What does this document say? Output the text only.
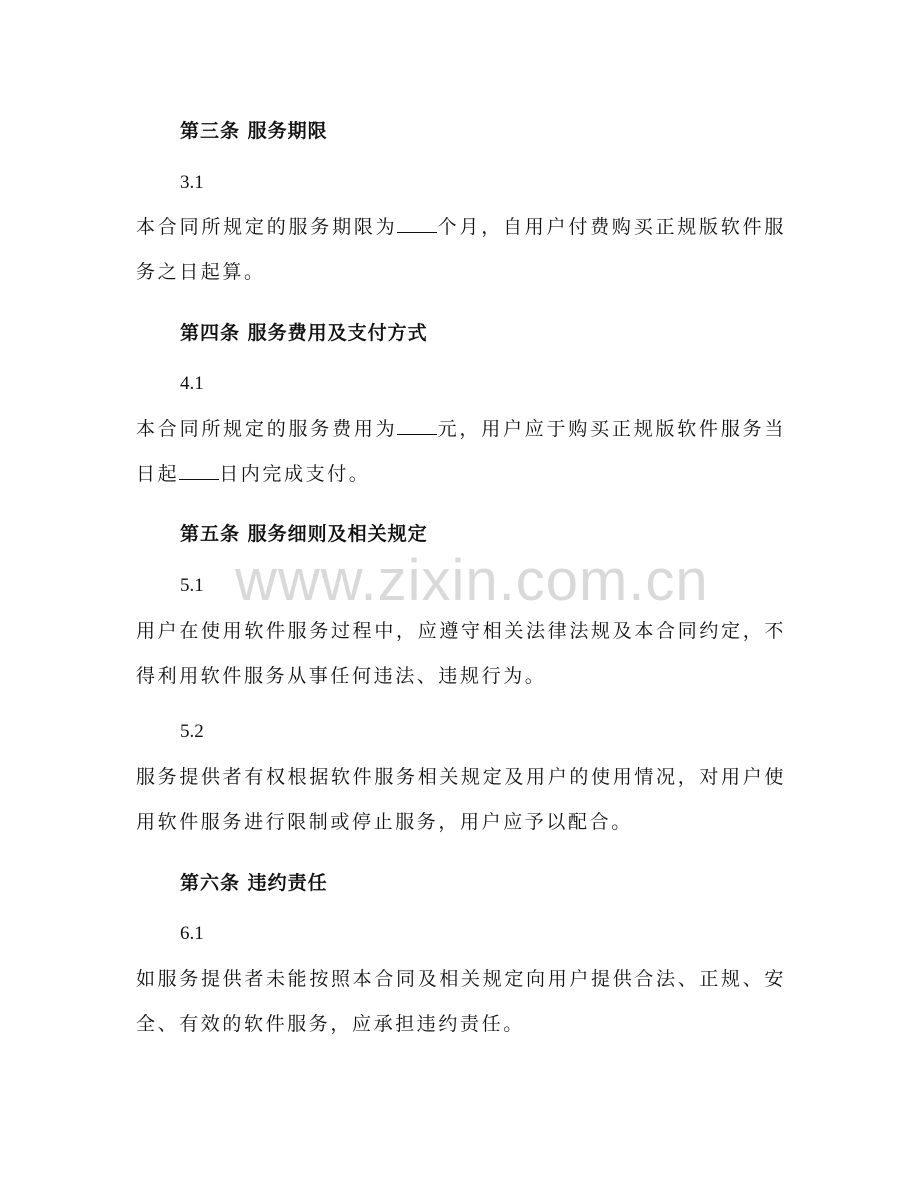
www.zixin.com.cn
第三条 服务期限
3.1
本合同所规定的服务期限为 个月，自用户付费购买正规版软件服务之日起算。
第四条 服务费用及支付方式
4.1
本合同所规定的服务费用为 元，用户应于购买正规版软件服务当日起 日内完成支付。
第五条 服务细则及相关规定
5.1
用户在使用软件服务过程中，应遵守相关法律法规及本合同约定，不得利用软件服务从事任何违法、违规行为。
5.2
服务提供者有权根据软件服务相关规定及用户的使用情况，对用户使用软件服务进行限制或停止服务，用户应予以配合。
第六条 违约责任
6.1
如服务提供者未能按照本合同及相关规定向用户提供合法、正规、安全、有效的软件服务，应承担违约责任。
